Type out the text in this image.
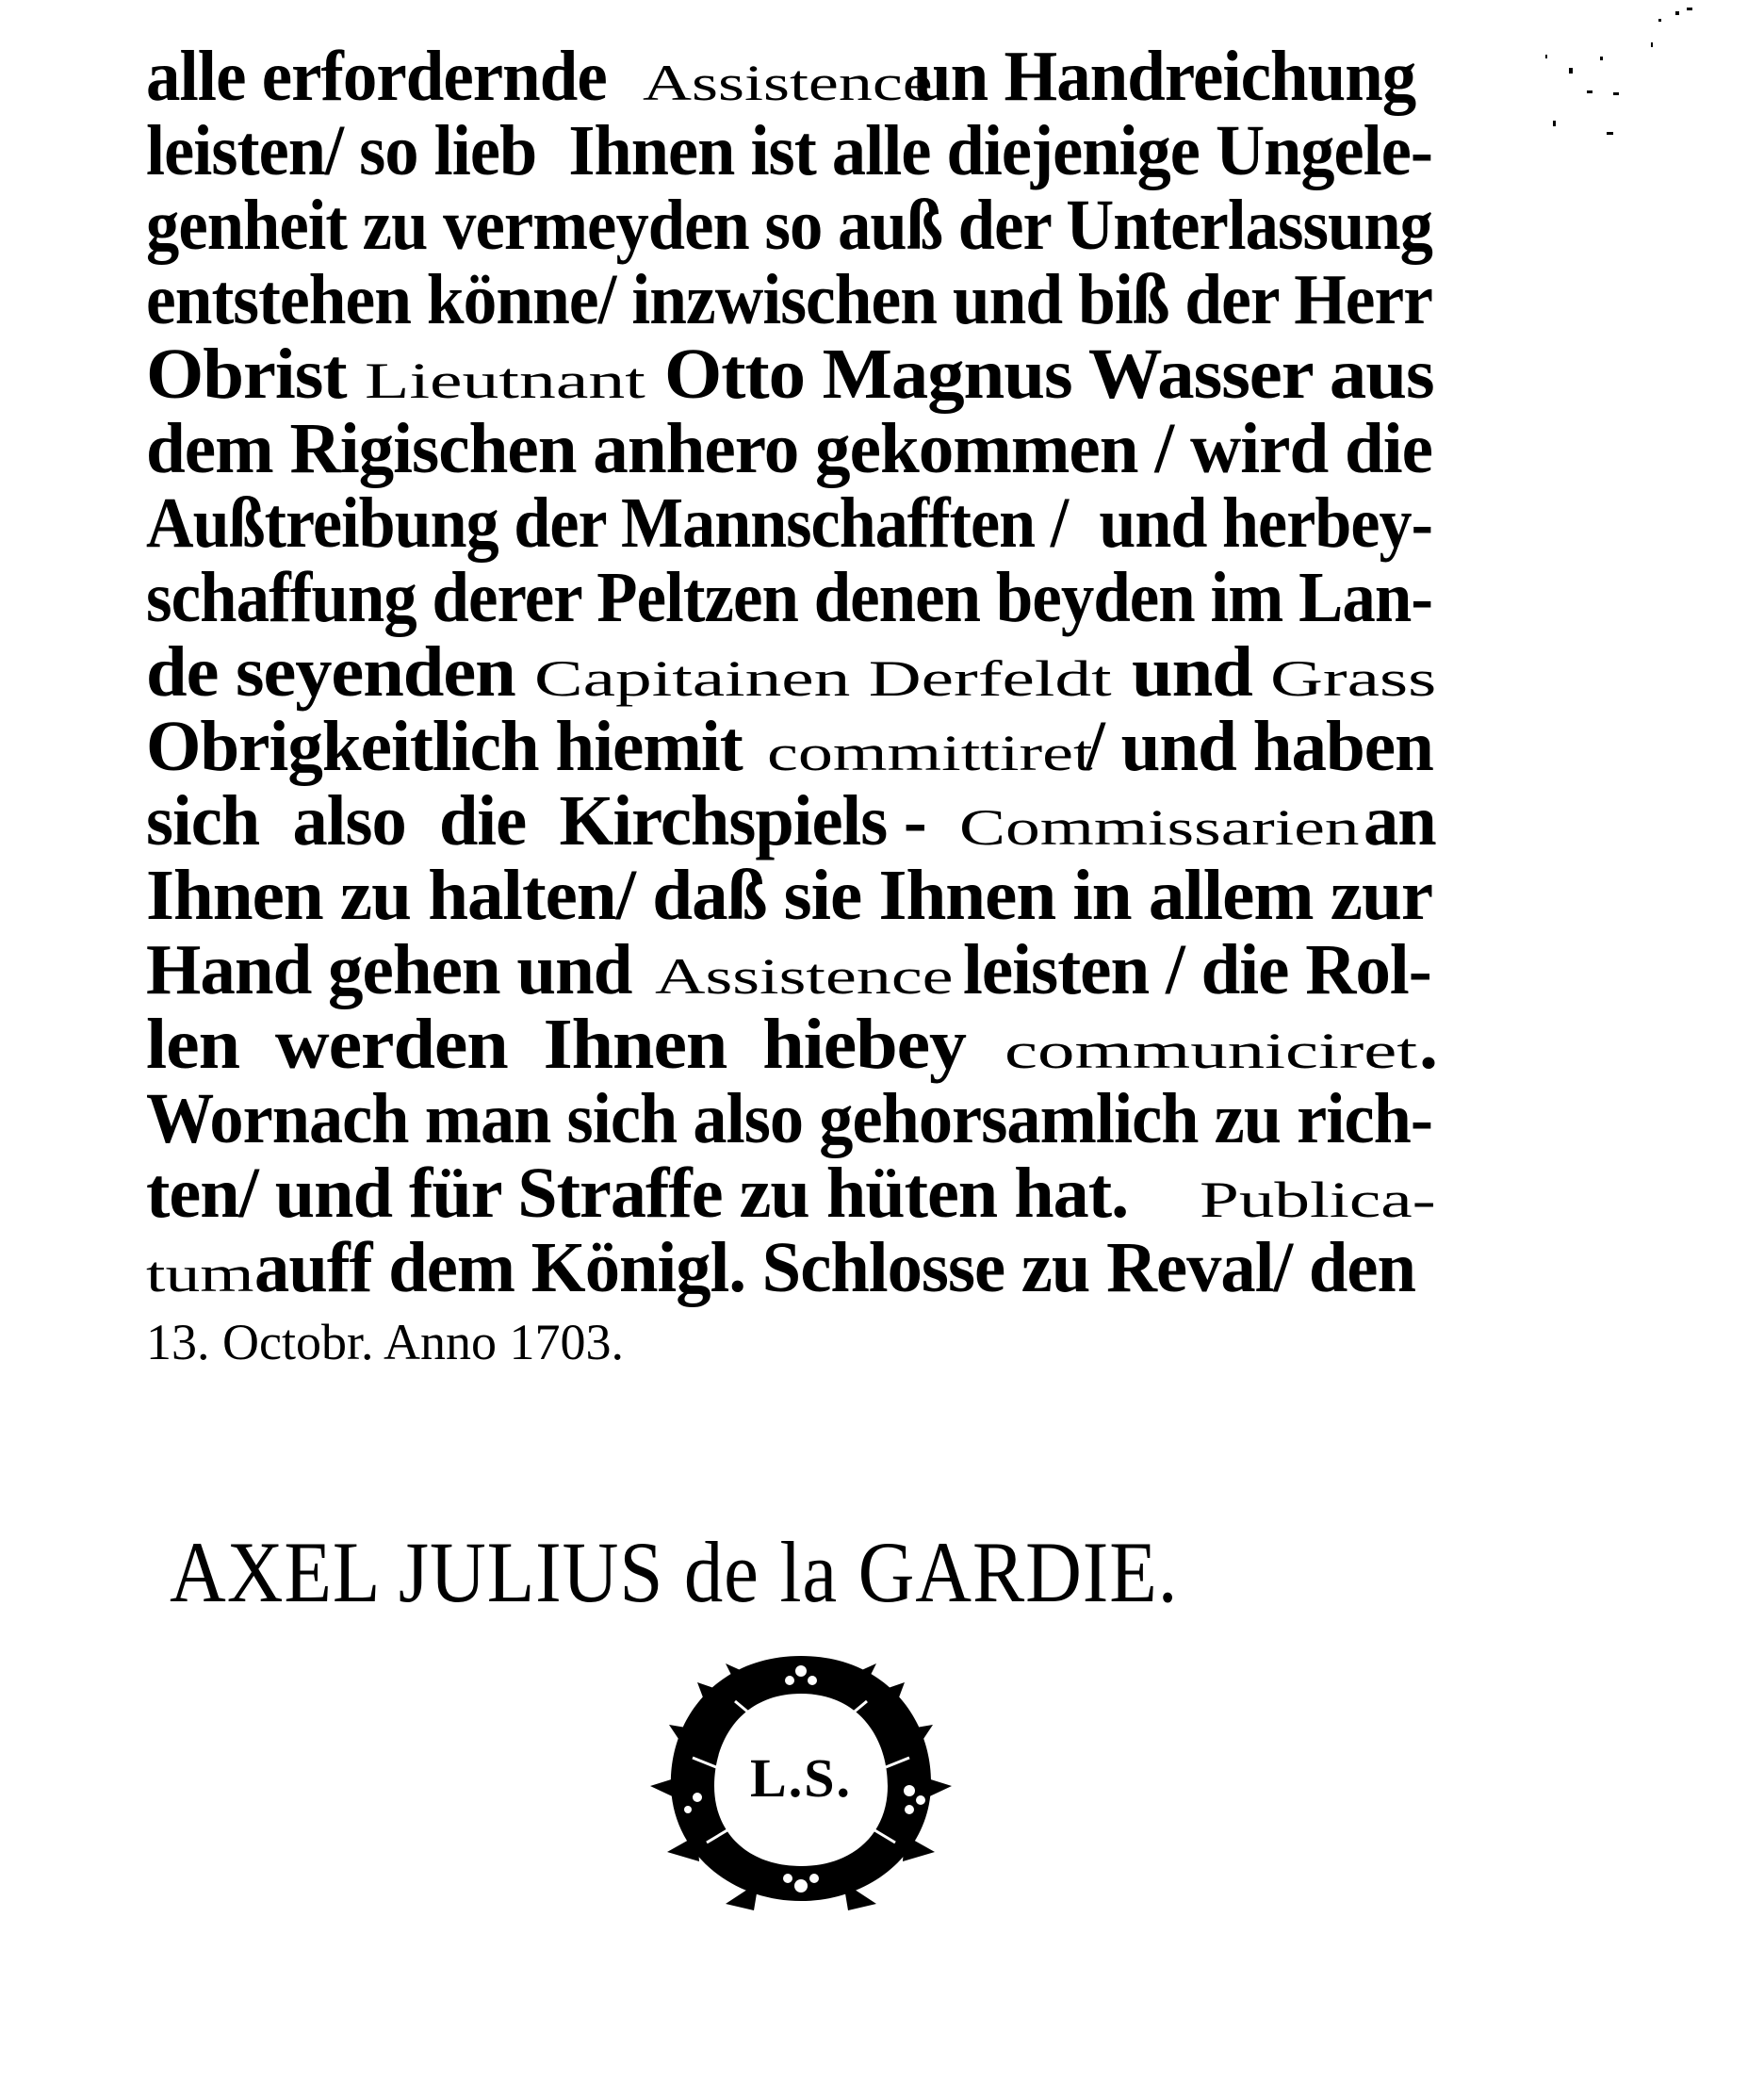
alle erfordernde Assistence
un Handreichung
leisten/ so lieb  Ihnen ist alle diejenige Ungele-
genheit zu vermeyden so auß der Unterlassung
entstehen könne/ inzwischen und biß der Herr
Obrist Lieutnant Otto Magnus Wasser aus
dem Rigischen anhero gekommen / wird die
Außtreibung der Mannschafften /  und herbey-
schaffung derer Peltzen denen beyden im Lan-
de seyenden Capitainen Derfeldt und Grass
Obrigkeitlich hiemit committiret
/ und haben
sich  also  die  Kirchspiels - Commissarien
an
Ihnen zu halten/ daß sie Ihnen in allem zur
Hand gehen und Assistence
leisten / die Rol-
len  werden  Ihnen  hiebey communiciret .
Wornach man sich also gehorsamlich zu rich-
ten/ und für Straffe zu hüten hat. Publica-
tum
auff dem Königl. Schlosse zu Reval/ den
13. Octobr. Anno 1703.
AXEL JULIUS de la GARDIE.
L.S.
